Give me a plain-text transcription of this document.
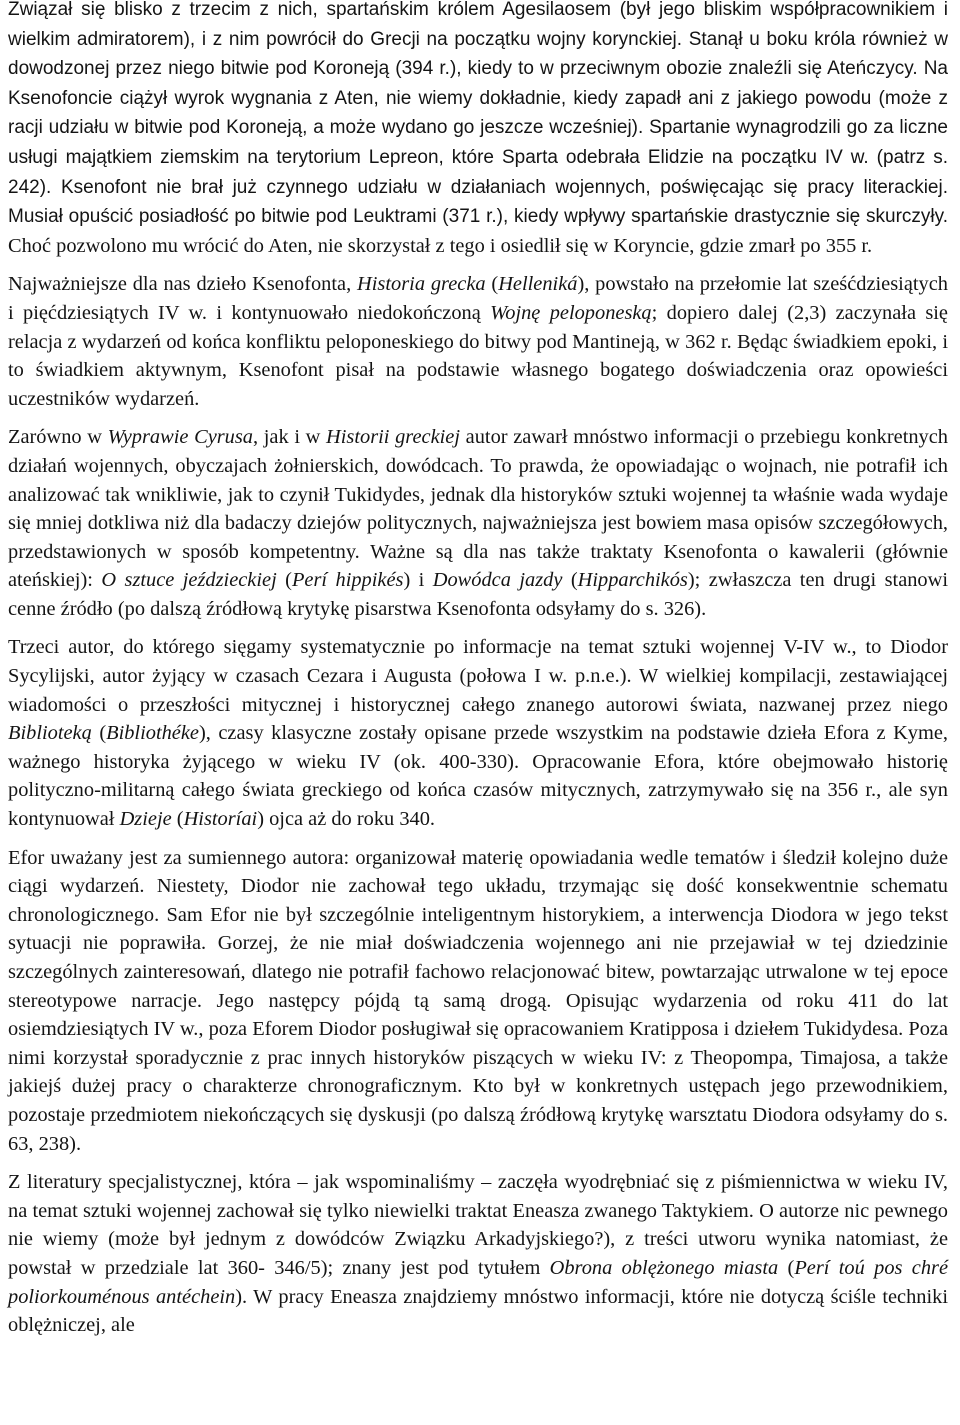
Związał się blisko z trzecim z nich, spartańskim królem Agesilaosem (był jego bliskim współpracownikiem i wielkim admiratorem), i z nim powrócił do Grecji na początku wojny korynckiej. Stanął u boku króla również w dowodzonej przez niego bitwie pod Koroneją (394 r.), kiedy to w przeciwnym obozie znaleźli się Ateńczycy. Na Ksenofoncie ciążył wyrok wygnania z Aten, nie wiemy dokładnie, kiedy zapadł ani z jakiego powodu (może z racji udziału w bitwie pod Koroneją, a może wydano go jeszcze wcześniej). Spartanie wynagrodzili go za liczne usługi majątkiem ziemskim na terytorium Lepreon, które Sparta odebrała Elidzie na początku IV w. (patrz s. 242). Ksenofont nie brał już czynnego udziału w działaniach wojennych, poświęcając się pracy literackiej. Musiał opuścić posiadłość po bitwie pod Leuktrami (371 r.), kiedy wpływy spartańskie drastycznie się skurczyły. Choć pozwolono mu wrócić do Aten, nie skorzystał z tego i osiedlił się w Koryncie, gdzie zmarł po 355 r.

Najważniejsze dla nas dzieło Ksenofonta, Historia grecka (Helleniká), powstało na przełomie lat sześćdziesiątych i pięćdziesiątych IV w. i kontynuowało niedokończoną Wojnę peloponeską; dopiero dalej (2,3) zaczynała się relacja z wydarzeń od końca konfliktu peloponeskiego do bitwy pod Mantineją, w 362 r. Będąc świadkiem epoki, i to świadkiem aktywnym, Ksenofont pisał na podstawie własnego bogatego doświadczenia oraz opowieści uczestników wydarzeń.

Zarówno w Wyprawie Cyrusa, jak i w Historii greckiej autor zawarł mnóstwo informacji o przebiegu konkretnych działań wojennych, obyczajach żołnierskich, dowódcach. To prawda, że opowiadając o wojnach, nie potrafił ich analizować tak wnikliwie, jak to czynił Tukidydes, jednak dla historyków sztuki wojennej ta właśnie wada wydaje się mniej dotkliwa niż dla badaczy dziejów politycznych, najważniejsza jest bowiem masa opisów szczegółowych, przedstawionych w sposób kompetentny. Ważne są dla nas także traktaty Ksenofonta o kawalerii (głównie ateńskiej): O sztuce jeździeckiej (Perí hippikés) i Dowódca jazdy (Hipparchikós); zwłaszcza ten drugi stanowi cenne źródło (po dalszą źródłową krytykę pisarstwa Ksenofonta odsyłamy do s. 326).

Trzeci autor, do którego sięgamy systematycznie po informacje na temat sztuki wojennej V-IV w., to Diodor Sycylijski, autor żyjący w czasach Cezara i Augusta (połowa I w. p.n.e.). W wielkiej kompilacji, zestawiającej wiadomości o przeszłości mitycznej i historycznej całego znanego autorowi świata, nazwanej przez niego Biblioteką (Bibliothéke), czasy klasyczne zostały opisane przede wszystkim na podstawie dzieła Efora z Kyme, ważnego historyka żyjącego w wieku IV (ok. 400-330). Opracowanie Efora, które obejmowało historię polityczno-militarną całego świata greckiego od końca czasów mitycznych, zatrzymywało się na 356 r., ale syn kontynuował Dzieje (Historíai) ojca aż do roku 340.

Efor uważany jest za sumiennego autora: organizował materię opowiadania wedle tematów i śledził kolejno duże ciągi wydarzeń. Niestety, Diodor nie zachował tego układu, trzymając się dość konsekwentnie schematu chronologicznego. Sam Efor nie był szczególnie inteligentnym historykiem, a interwencja Diodora w jego tekst sytuacji nie poprawiła. Gorzej, że nie miał doświadczenia wojennego ani nie przejawiał w tej dziedzinie szczególnych zainteresowań, dlatego nie potrafił fachowo relacjonować bitew, powtarzając utrwalone w tej epoce stereotypowe narracje. Jego następcy pójdą tą samą drogą. Opisując wydarzenia od roku 411 do lat osiemdziesiątych IV w., poza Eforem Diodor posługiwał się opracowaniem Kratipposa i dziełem Tukidydesa. Poza nimi korzystał sporadycznie z prac innych historyków piszących w wieku IV: z Theopompa, Timajosa, a także jakiejś dużej pracy o charakterze chronograficznym. Kto był w konkretnych ustępach jego przewodnikiem, pozostaje przedmiotem niekończących się dyskusji (po dalszą źródłową krytykę warsztatu Diodora odsyłamy do s. 63, 238).

Z literatury specjalistycznej, która – jak wspominaliśmy – zaczęła wyodrębniać się z piśmiennictwa w wieku IV, na temat sztuki wojennej zachował się tylko niewielki traktat Eneasza zwanego Taktykiem. O autorze nic pewnego nie wiemy (może był jednym z dowódców Związku Arkadyjskiego?), z treści utworu wynika natomiast, że powstał w przedziale lat 360- 346/5); znany jest pod tytułem Obrona oblężonego miasta (Perí toú pos chré poliorkouménous antéchein). W pracy Eneasza znajdziemy mnóstwo informacji, które nie dotyczą ściśle techniki oblężniczej, ale
